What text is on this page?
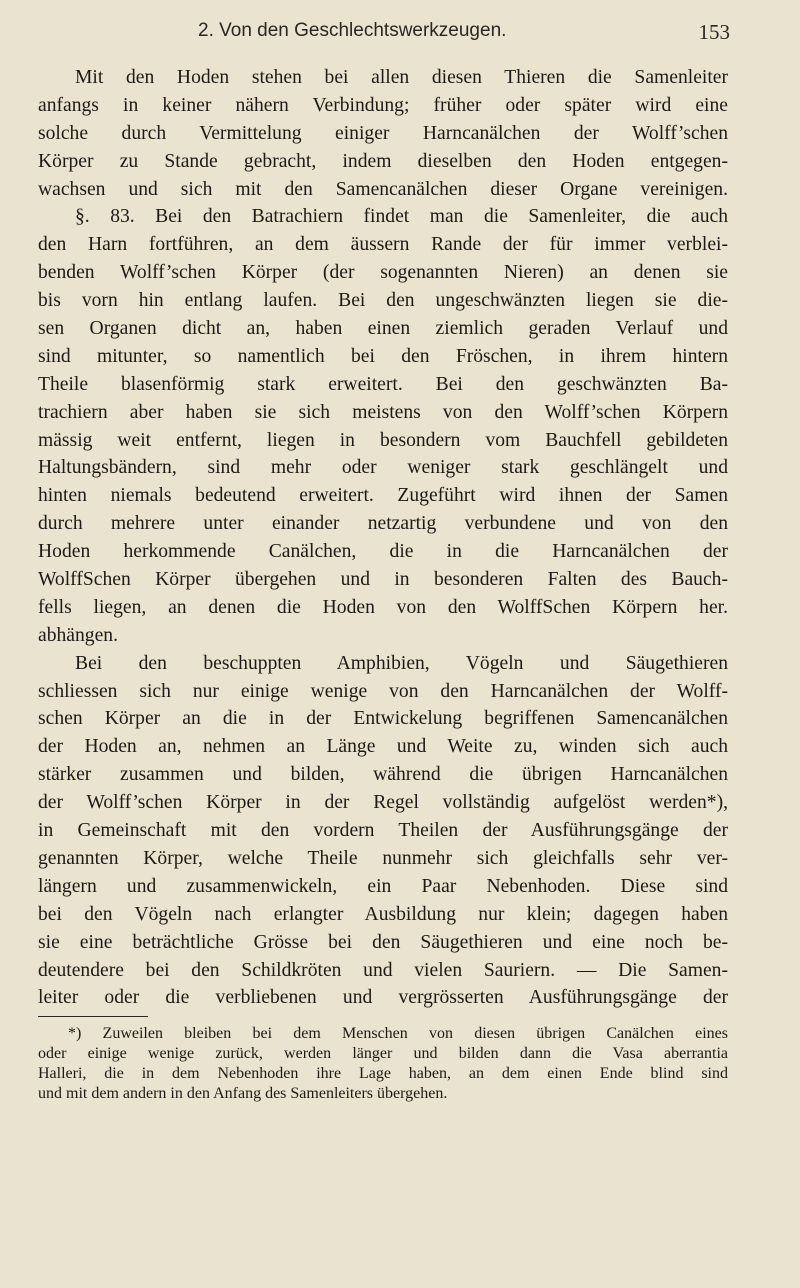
2. Von den Geschlechtswerkzeugen.	153
Mit den Hoden stehen bei allen diesen Thieren die Samenleiter
anfangs in keiner nähern Verbindung; früher oder später wird eine
solche durch Vermittelung einiger Harncanälchen der Wolff’schen
Körper zu Stande gebracht, indem dieselben den Hoden entgegen-
wachsen und sich mit den Samencanälchen dieser Organe vereinigen.
§. 83. Bei den Batrachiern findet man die Samenleiter, die auch
den Harn fortführen, an dem äussern Rande der für immer verblei-
benden Wolff’schen Körper (der sogenannten Nieren) an denen sie
bis vorn hin entlang laufen. Bei den ungeschwänzten liegen sie die-
sen Organen dicht an, haben einen ziemlich geraden Verlauf und
sind mitunter, so namentlich bei den Fröschen, in ihrem hintern
Theile blasenförmig stark erweitert. Bei den geschwänzten Ba-
trachiern aber haben sie sich meistens von den Wolff’schen Körpern
mässig weit entfernt, liegen in besondern vom Bauchfell gebildeten
Haltungsbändern, sind mehr oder weniger stark geschlängelt und
hinten niemals bedeutend erweitert. Zugeführt wird ihnen der Samen
durch mehrere unter einander netzartig verbundene und von den
Hoden herkommende Canälchen, die in die Harncanälchen der
WolffSchen Körper übergehen und in besonderen Falten des Bauch-
fells liegen, an denen die Hoden von den WolffSchen Körpern her.
abhängen.
Bei den beschuppten Amphibien, Vögeln und Säugethieren
schliessen sich nur einige wenige von den Harncanälchen der Wolff-
schen Körper an die in der Entwickelung begriffenen Samencanälchen
der Hoden an, nehmen an Länge und Weite zu, winden sich auch
stärker zusammen und bilden, während die übrigen Harncanälchen
der Wolff’schen Körper in der Regel vollständig aufgelöst werden*),
in Gemeinschaft mit den vordern Theilen der Ausführungsgänge der
genannten Körper, welche Theile nunmehr sich gleichfalls sehr ver-
längern und zusammenwickeln, ein Paar Nebenhoden. Diese sind
bei den Vögeln nach erlangter Ausbildung nur klein; dagegen haben
sie eine beträchtliche Grösse bei den Säugethieren und eine noch be-
deutendere bei den Schildkröten und vielen Sauriern. — Die Samen-
leiter oder die verbliebenen und vergrösserten Ausführungsgänge der
*) Zuweilen bleiben bei dem Menschen von diesen übrigen Canälchen eines
oder einige wenige zurück, werden länger und bilden dann die Vasa aberrantia
Halleri, die in dem Nebenhoden ihre Lage haben, an dem einen Ende blind sind
und mit dem andern in den Anfang des Samenleiters übergehen.
